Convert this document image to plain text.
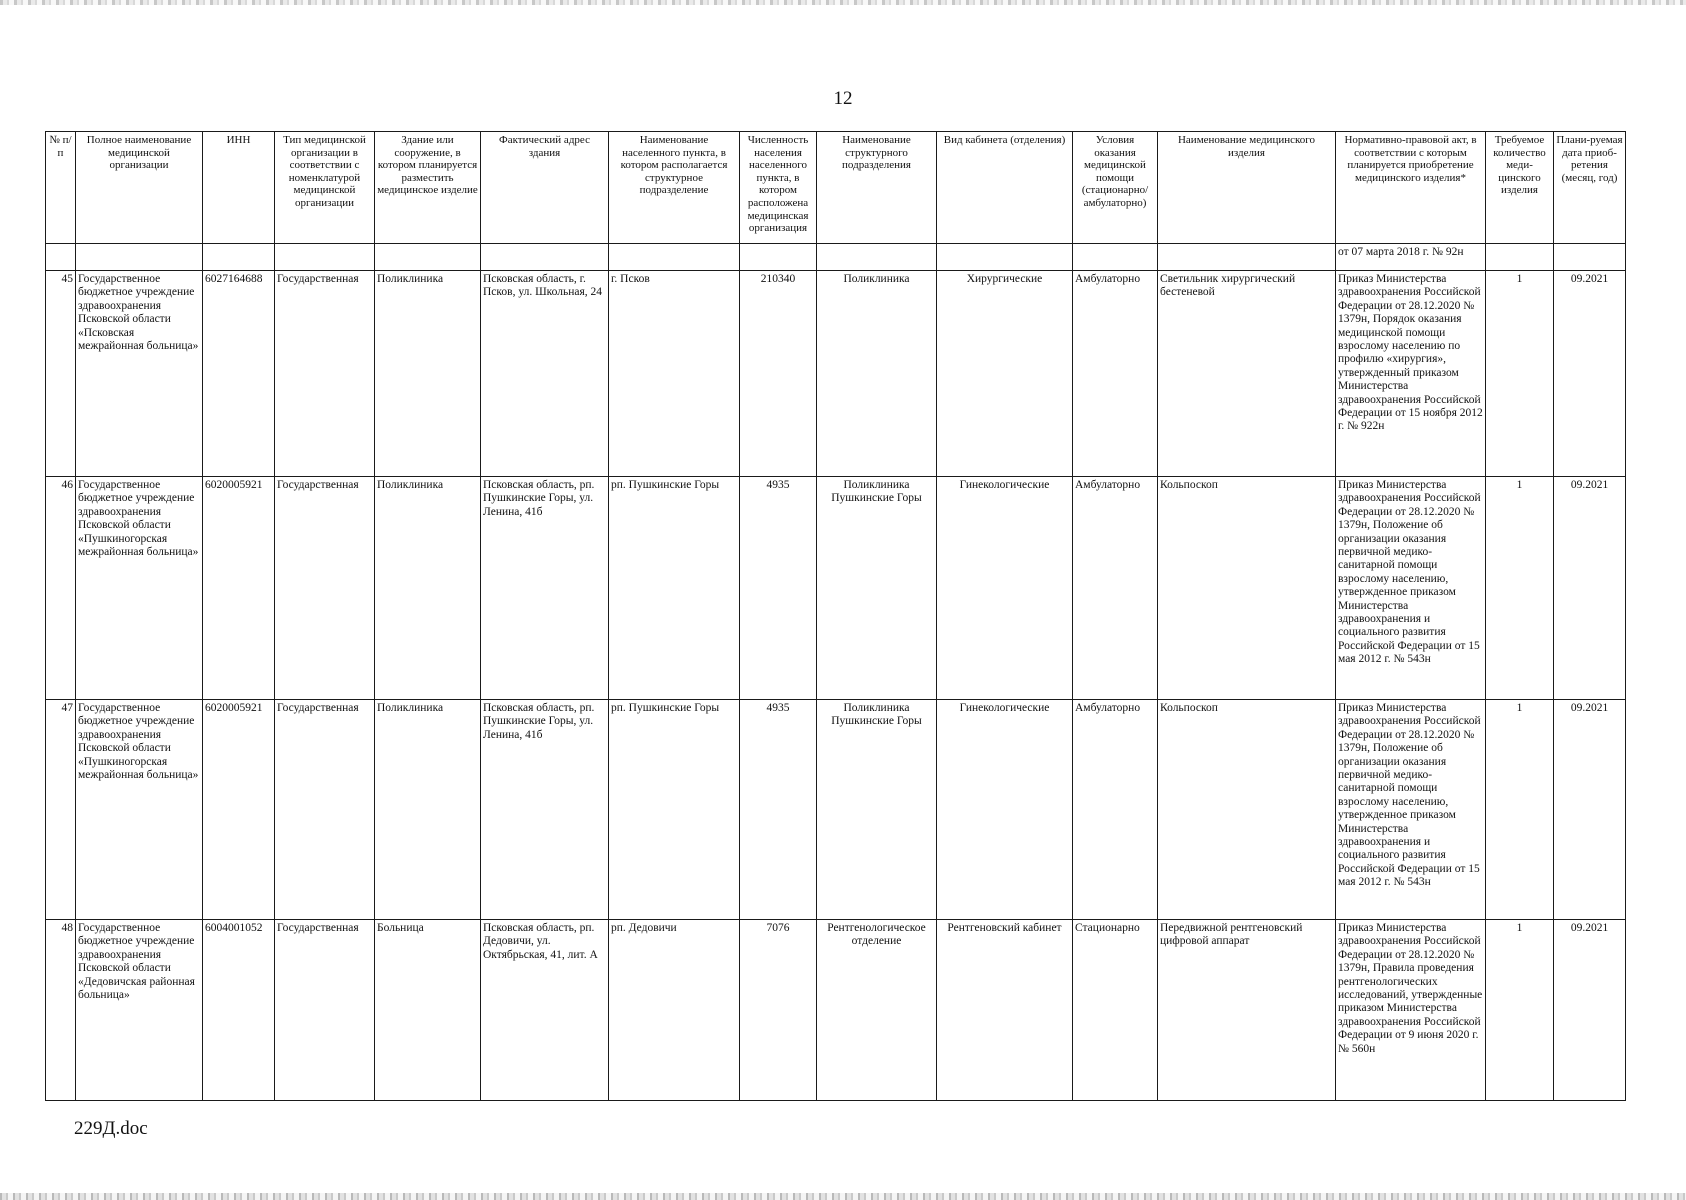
12
№ п/п	Полное наименование медицинской организации	ИНН	Тип медицинской организации в соответствии с номенклатурой медицинской организации	Здание или сооружение, в котором планируется разместить медицинское изделие	Фактический адрес здания	Наименование населенного пункта, в котором располагается структурное подразделение	Численность населения населенного пункта, в котором расположена медицинская организация	Наименование структурного подразделения	Вид кабинета (отделения)	Условия оказания медицинской помощи (стационарно/ амбулаторно)	Наименование медицинского изделия	Нормативно-правовой акт, в соответствии с которым планируется приобретение медицинского изделия*	Требуемое количество меди-цинского изделия	Плани-руемая дата приоб-ретения (месяц, год)
												от 07 марта 2018 г. № 92н		
45	Государственное бюджетное учреждение здравоохранения Псковской области «Псковская межрайонная больница»	6027164688	Государственная	Поликлиника	Псковская область, г. Псков, ул. Школьная, 24	г. Псков	210340	Поликлиника	Хирургические	Амбулаторно	Светильник хирургический бестеневой	Приказ Министерства здравоохранения Российской Федерации от 28.12.2020 № 1379н, Порядок оказания медицинской помощи взрослому населению по профилю «хирургия», утвержденный приказом Министерства здравоохранения Российской Федерации от 15 ноября 2012 г. № 922н	1	09.2021
46	Государственное бюджетное учреждение здравоохранения Псковской области «Пушкиногорская межрайонная больница»	6020005921	Государственная	Поликлиника	Псковская область, рп. Пушкинские Горы, ул. Ленина, 41б	рп. Пушкинские Горы	4935	Поликлиника Пушкинские Горы	Гинекологические	Амбулаторно	Кольпоскоп	Приказ Министерства здравоохранения Российской Федерации от 28.12.2020 № 1379н, Положение об организации оказания первичной медико-санитарной помощи взрослому населению, утвержденное приказом Министерства здравоохранения и социального развития Российской Федерации от 15 мая 2012 г. № 543н	1	09.2021
47	Государственное бюджетное учреждение здравоохранения Псковской области «Пушкиногорская межрайонная больница»	6020005921	Государственная	Поликлиника	Псковская область, рп. Пушкинские Горы, ул. Ленина, 41б	рп. Пушкинские Горы	4935	Поликлиника Пушкинские Горы	Гинекологические	Амбулаторно	Кольпоскоп	Приказ Министерства здравоохранения Российской Федерации от 28.12.2020 № 1379н, Положение об организации оказания первичной медико-санитарной помощи взрослому населению, утвержденное приказом Министерства здравоохранения и социального развития Российской Федерации от 15 мая 2012 г. № 543н	1	09.2021
48	Государственное бюджетное учреждение здравоохранения Псковской области «Дедовичская районная больница»	6004001052	Государственная	Больница	Псковская область, рп. Дедовичи, ул. Октябрьская, 41, лит. А	рп. Дедовичи	7076	Рентгенологическое отделение	Рентгеновский кабинет	Стационарно	Передвижной рентгеновский цифровой аппарат	Приказ Министерства здравоохранения Российской Федерации от 28.12.2020 № 1379н, Правила проведения рентгенологических исследований, утвержденные приказом Министерства здравоохранения Российской Федерации от 9 июня 2020 г. № 560н	1	09.2021
229Д.doc
